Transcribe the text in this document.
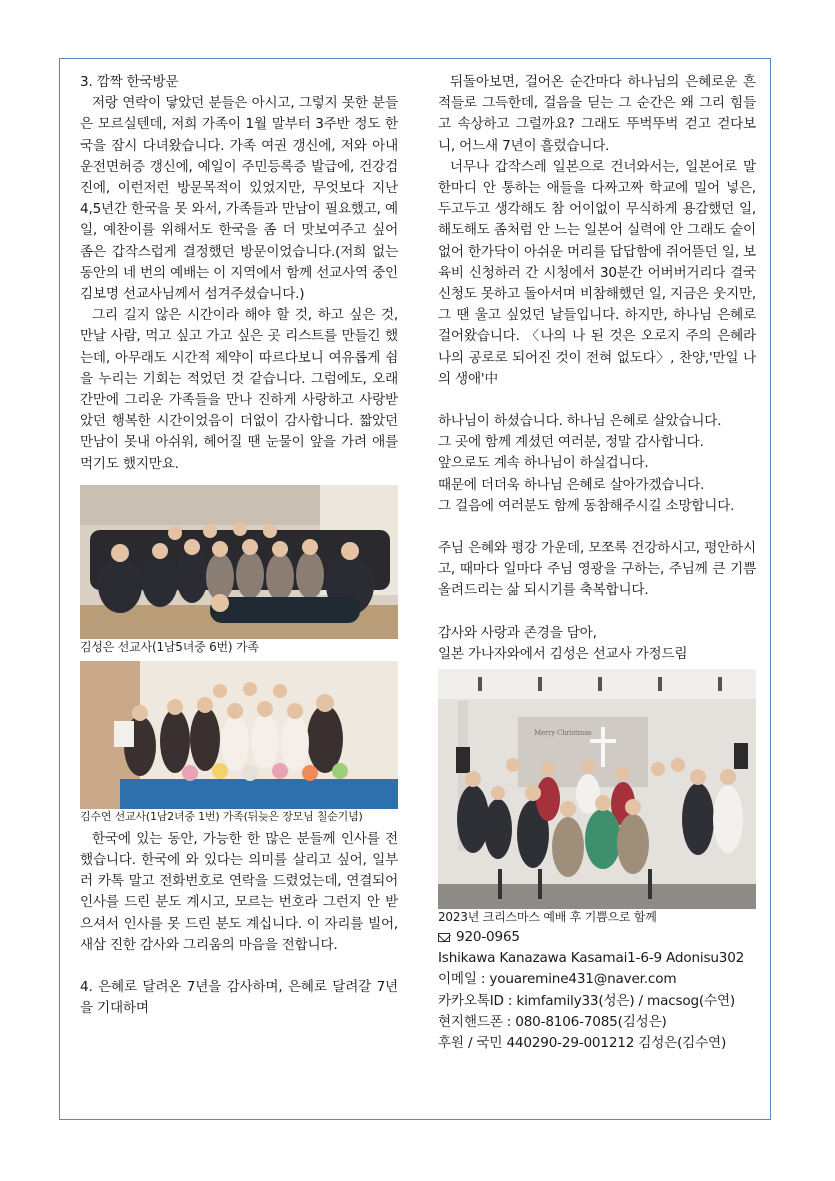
3. 깜짝 한국방문

저랑 연락이 닿았던 분들은 아시고, 그렇지 못한 분들은 모르실텐데, 저희 가족이 1월 말부터 3주반 정도 한국을 잠시 다녀왔습니다. 가족 여권 갱신에, 저와 아내 운전면허증 갱신에, 예일이 주민등록증 발급에, 건강검진에, 이런저런 방문목적이 있었지만, 무엇보다 지난 4,5년간 한국을 못 와서, 가족들과 만남이 필요했고, 예일, 예찬이를 위해서도 한국을 좀 더 맛보여주고 싶어 좀은 갑작스럽게 결정했던 방문이었습니다.(저희 없는 동안의 네 번의 예배는 이 지역에서 함께 선교사역 중인 김보명 선교사님께서 섬겨주셨습니다.)

그리 길지 않은 시간이라 해야 할 것, 하고 싶은 것, 만날 사람, 먹고 싶고 가고 싶은 곳 리스트를 만들긴 했는데, 아무래도 시간적 제약이 따르다보니 여유롭게 쉼을 누리는 기회는 적었던 것 같습니다. 그럼에도, 오래간만에 그리운 가족들을 만나 진하게 사랑하고 사랑받았던 행복한 시간이었음이 더없이 감사합니다. 짧았던 만남이 못내 아쉬워, 헤어질 땐 눈물이 앞을 가려 애를 먹기도 했지만요.

김성은 선교사(1남5녀중 6번) 가족

김수연 선교사(1남2녀중 1번) 가족(뒤늦은 장모님 칠순기념)

한국에 있는 동안, 가능한 한 많은 분들께 인사를 전했습니다. 한국에 와 있다는 의미를 살리고 싶어, 일부러 카톡 말고 전화번호로 연락을 드렸었는데, 연결되어 인사를 드린 분도 계시고, 모르는 번호라 그런지 안 받으셔서 인사를 못 드린 분도 계십니다. 이 자리를 빌어, 새삼 진한 감사와 그리움의 마음을 전합니다.

4. 은혜로 달려온 7년을 감사하며, 은혜로 달려갈 7년을 기대하며

뒤돌아보면, 걸어온 순간마다 하나님의 은혜로운 흔적들로 그득한데, 걸음을 딛는 그 순간은 왜 그리 힘들고 속상하고 그럴까요? 그래도 뚜벅뚜벅 걷고 걷다보니, 어느새 7년이 흘렀습니다.

너무나 갑작스레 일본으로 건너와서는, 일본어로 말 한마디 안 통하는 애들을 다짜고짜 학교에 밀어 넣은, 두고두고 생각해도 참 어이없이 무식하게 용감했던 일, 해도해도 좀처럼 안 느는 일본어 실력에 안 그래도 숱이 없어 한가닥이 아쉬운 머리를 답답함에 쥐어뜯던 일, 보육비 신청하러 간 시청에서 30분간 어버버거리다 결국 신청도 못하고 돌아서며 비참해했던 일, 지금은 웃지만, 그 땐 울고 싶었던 날들입니다. 하지만, 하나님 은혜로 걸어왔습니다. 〈나의 나 된 것은 오로지 주의 은혜라 나의 공로로 되어진 것이 전혀 없도다〉, 찬양,'만일 나의 생애'中

하나님이 하셨습니다. 하나님 은혜로 살았습니다.

그 곳에 함께 계셨던 여러분, 정말 감사합니다.

앞으로도 계속 하나님이 하실겁니다.

때문에 더더욱 하나님 은혜로 살아가겠습니다.

그 걸음에 여러분도 함께 동참해주시길 소망합니다.

주님 은혜와 평강 가운데, 모쪼록 건강하시고, 평안하시고, 때마다 일마다 주님 영광을 구하는, 주님께 큰 기쁨 올려드리는 삶 되시기를 축복합니다.

감사와 사랑과 존경을 담아,

일본 가나자와에서 김성은 선교사 가정드림

Merry Christmas

2023년 크리스마스 예배 후 기쁨으로 함께

920-0965

Ishikawa Kanazawa Kasamai1-6-9 Adonisu302

이메일 : youaremine431@naver.com

카카오톡ID : kimfamily33(성은) / macsog(수연)

현지핸드폰 : 080-8106-7085(김성은)

후원 / 국민 440290-29-001212 김성은(김수연)
